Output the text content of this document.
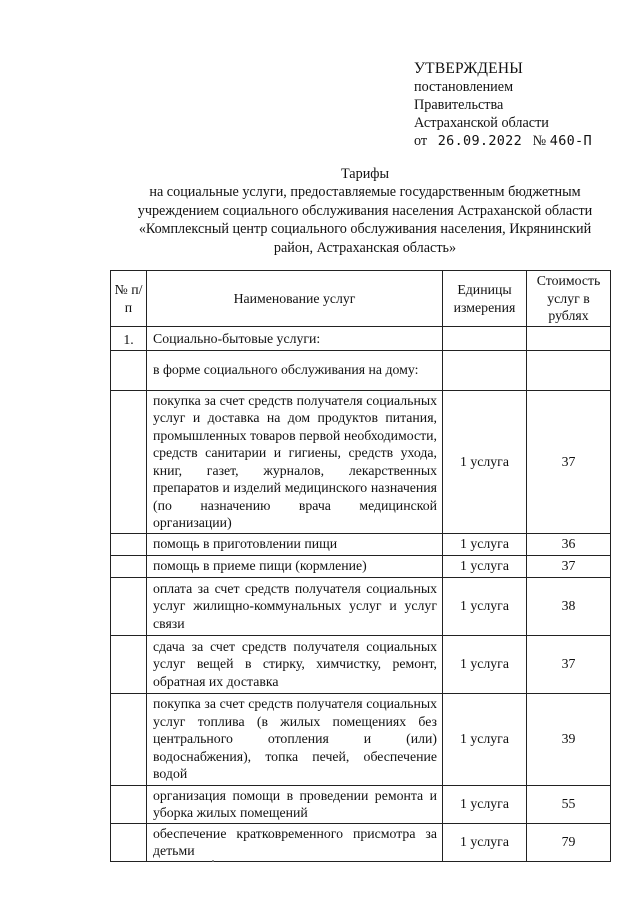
УТВЕРЖДЕНЫ
постановлением
Правительства
Астраханской области
от 26.09.2022 № 460-П
Тарифы
на социальные услуги, предоставляемые государственным бюджетным
учреждением социального обслуживания населения Астраханской области
«Комплексный центр социального обслуживания населения, Икрянинский
район, Астраханская область»
№ п/п	Наименование услуг	Единицы измерения	Стоимость услуг в рублях
1.	Социально-бытовые услуги:		
	в форме социального обслуживания на дому:		
	покупка за счет средств получателя социальных услуг и доставка на дом продуктов питания, промышленных товаров первой необходимости, средств санитарии и гигиены, средств ухода, книг, газет, журналов, лекарственных препаратов и изделий медицинского назначения (по назначению врача медицинской организации)	1 услуга	37
	помощь в приготовлении пищи	1 услуга	36
	помощь в приеме пищи (кормление)	1 услуга	37
	оплата за счет средств получателя социальных услуг жилищно-коммунальных услуг и услуг связи	1 услуга	38
	сдача за счет средств получателя социальных услуг вещей в стирку, химчистку, ремонт, обратная их доставка	1 услуга	37
	покупка за счет средств получателя социальных услуг топлива (в жилых помещениях без центрального отопления и (или) водоснабжения), топка печей, обеспечение водой	1 услуга	39
	организация помощи в проведении ремонта и уборка жилых помещений	1 услуга	55
	обеспечение кратковременного присмотра за детьми	1 услуга	79
